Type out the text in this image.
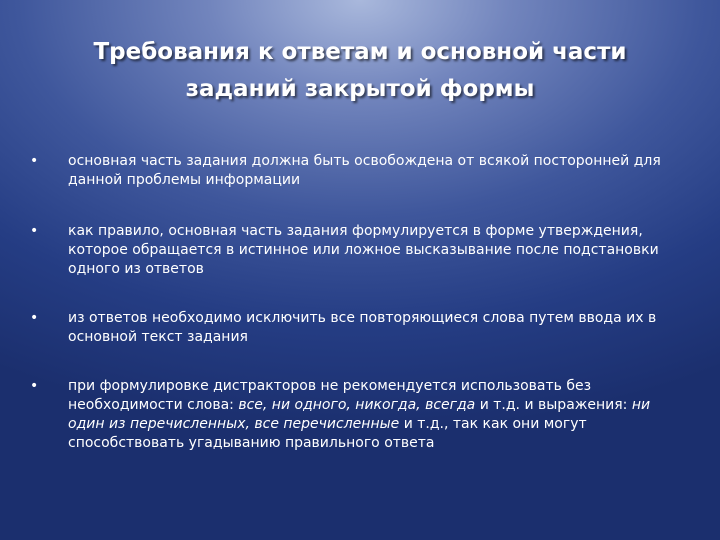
Требования к ответам и основной части
заданий закрытой формы
• основная часть задания должна быть освобождена от всякой посторонней для данной проблемы информации
• как правило, основная часть задания формулируется в форме утверждения, которое обращается в истинное или ложное высказывание после подстановки одного из ответов
• из ответов необходимо исключить все повторяющиеся слова путем ввода их в основной текст задания
• при формулировке дистракторов не рекомендуется использовать без необходимости слова: все, ни одного, никогда, всегда и т.д. и выражения: ни один из перечисленных, все перечисленные и т.д., так как они могут способствовать угадыванию правильного ответа
